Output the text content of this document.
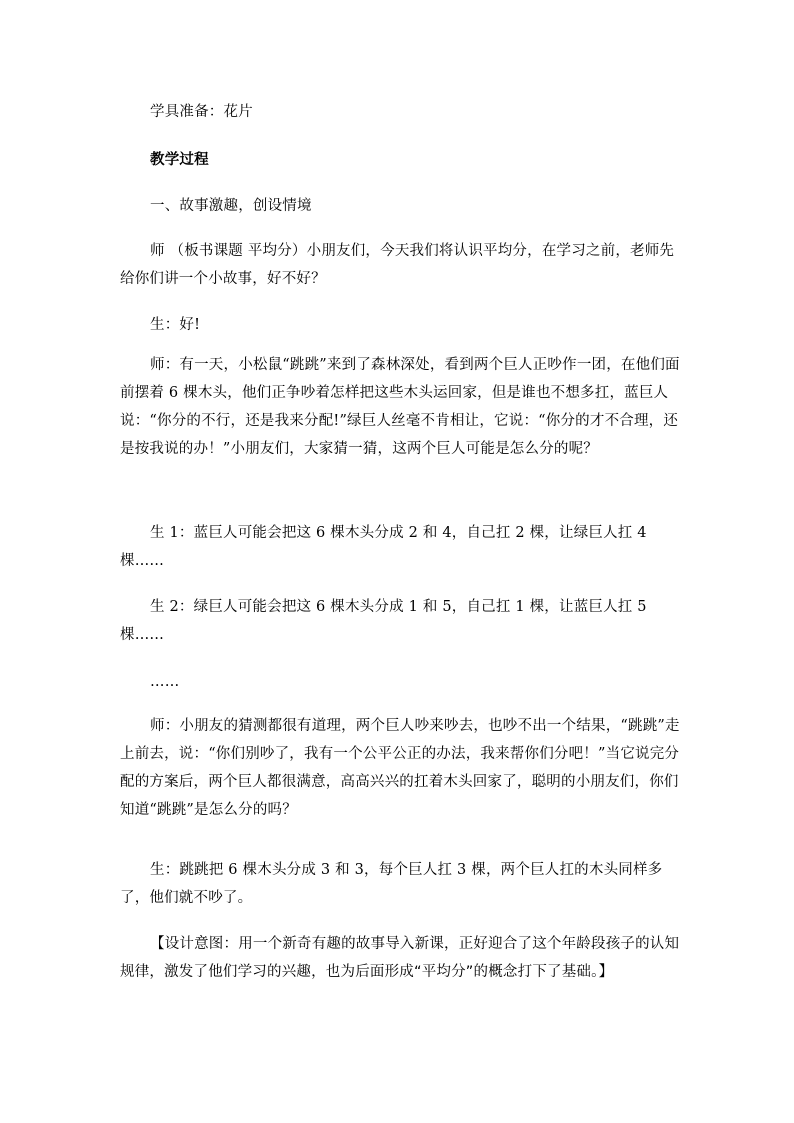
学具准备：花片

教学过程

一、故事激趣，创设情境

师 （板书课题 平均分）小朋友们，今天我们将认识平均分，在学习之前，老师先给你们讲一个小故事，好不好？

生：好!

师：有一天，小松鼠“跳跳”来到了森林深处，看到两个巨人正吵作一团，在他们面前摆着 6 棵木头，他们正争吵着怎样把这些木头运回家，但是谁也不想多扛，蓝巨人说：“你分的不行，还是我来分配!”绿巨人丝毫不肯相让，它说：“你分的才不合理，还是按我说的办！”小朋友们，大家猜一猜，这两个巨人可能是怎么分的呢？

生 1：蓝巨人可能会把这 6 棵木头分成 2 和 4，自己扛 2 棵，让绿巨人扛 4 棵……

生 2：绿巨人可能会把这 6 棵木头分成 1 和 5，自己扛 1 棵，让蓝巨人扛 5 棵……

……

师：小朋友的猜测都很有道理，两个巨人吵来吵去，也吵不出一个结果，“跳跳”走上前去，说：“你们别吵了，我有一个公平公正的办法，我来帮你们分吧！”当它说完分配的方案后，两个巨人都很满意，高高兴兴的扛着木头回家了，聪明的小朋友们，你们知道“跳跳”是怎么分的吗？

生：跳跳把 6 棵木头分成 3 和 3，每个巨人扛 3 棵，两个巨人扛的木头同样多了，他们就不吵了。

【设计意图：用一个新奇有趣的故事导入新课，正好迎合了这个年龄段孩子的认知规律，激发了他们学习的兴趣，也为后面形成“平均分”的概念打下了基础。】
